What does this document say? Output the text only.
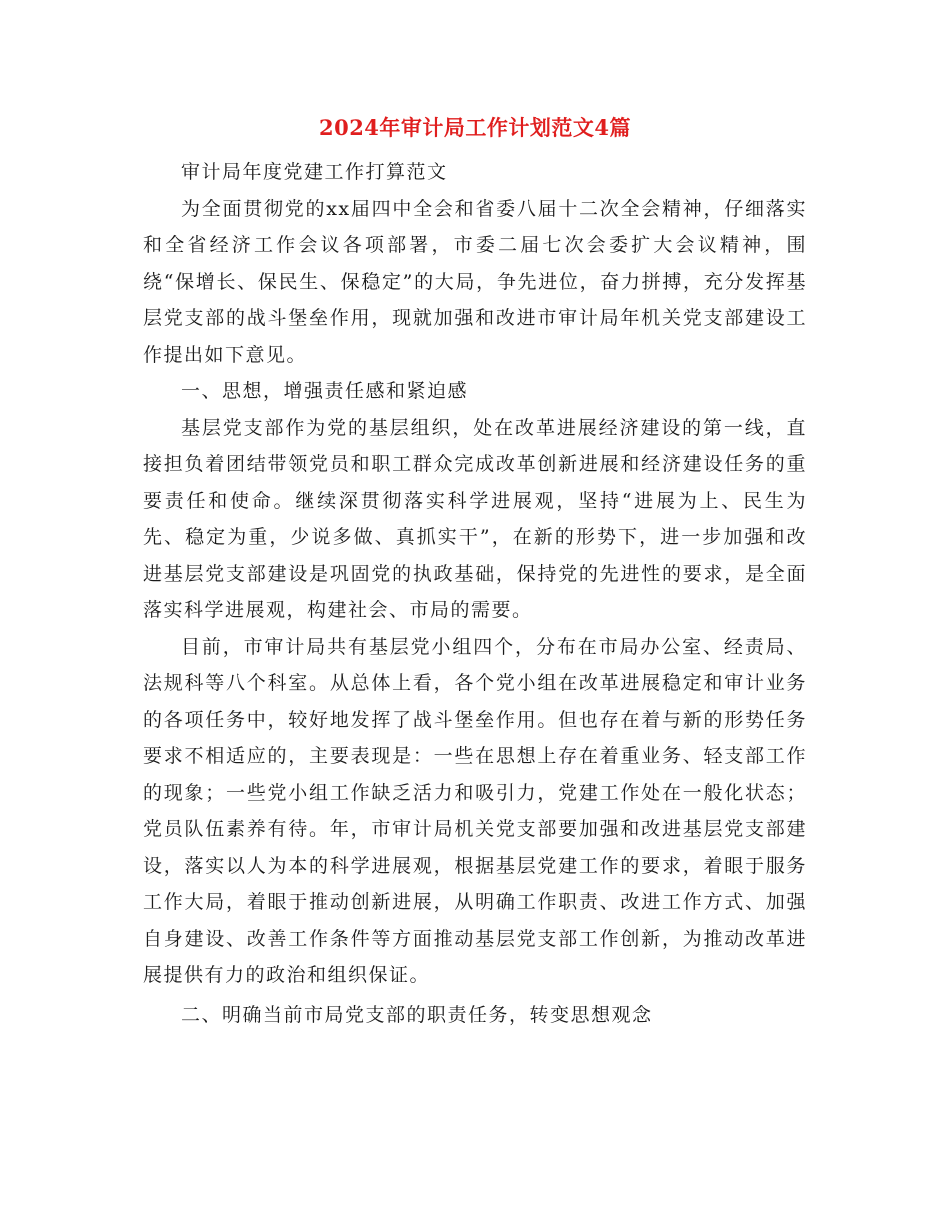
2024年审计局工作计划范文4篇

审计局年度党建工作打算范文

为全面贯彻党的xx届四中全会和省委八届十二次全会精神，仔细落实和全省经济工作会议各项部署，市委二届七次会委扩大会议精神，围绕“保增长、保民生、保稳定”的大局，争先进位，奋力拼搏，充分发挥基层党支部的战斗堡垒作用，现就加强和改进市审计局年机关党支部建设工作提出如下意见。

一、思想，增强责任感和紧迫感

基层党支部作为党的基层组织，处在改革进展经济建设的第一线，直接担负着团结带领党员和职工群众完成改革创新进展和经济建设任务的重要责任和使命。继续深贯彻落实科学进展观，坚持“进展为上、民生为先、稳定为重，少说多做、真抓实干”，在新的形势下，进一步加强和改进基层党支部建设是巩固党的执政基础，保持党的先进性的要求，是全面落实科学进展观，构建社会、市局的需要。

目前，市审计局共有基层党小组四个，分布在市局办公室、经责局、法规科等八个科室。从总体上看，各个党小组在改革进展稳定和审计业务的各项任务中，较好地发挥了战斗堡垒作用。但也存在着与新的形势任务要求不相适应的，主要表现是：一些在思想上存在着重业务、轻支部工作的现象；一些党小组工作缺乏活力和吸引力，党建工作处在一般化状态；党员队伍素养有待。年，市审计局机关党支部要加强和改进基层党支部建设，落实以人为本的科学进展观，根据基层党建工作的要求，着眼于服务工作大局，着眼于推动创新进展，从明确工作职责、改进工作方式、加强自身建设、改善工作条件等方面推动基层党支部工作创新，为推动改革进展提供有力的政治和组织保证。

二、明确当前市局党支部的职责任务，转变思想观念
